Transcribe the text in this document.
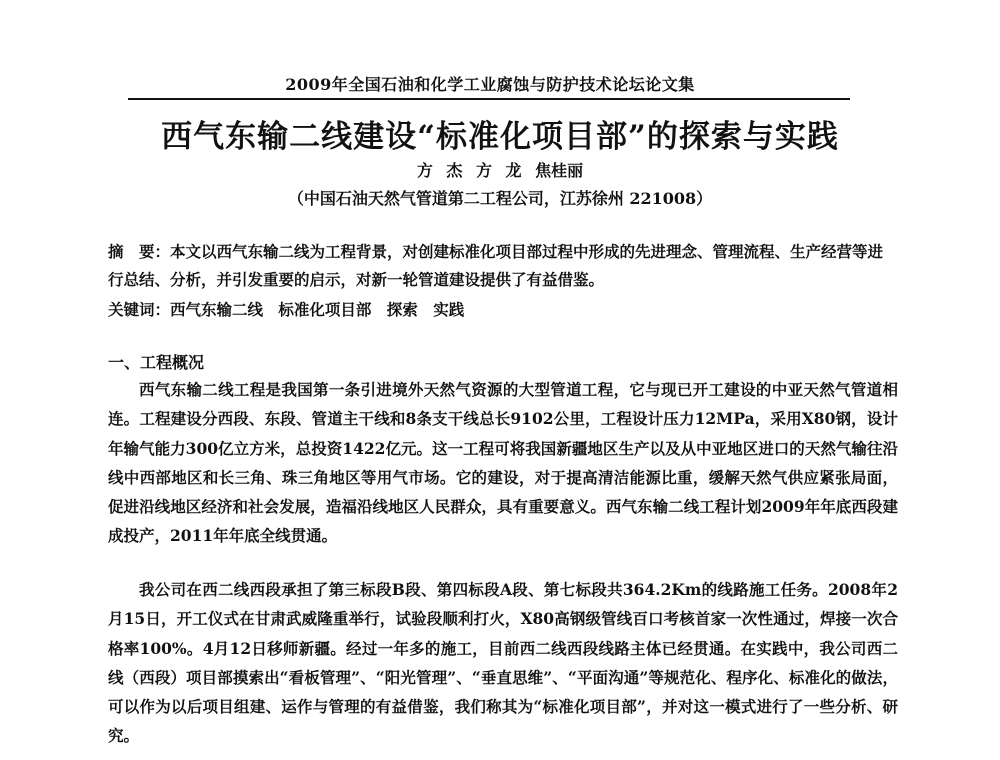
2009年全国石油和化学工业腐蚀与防护技术论坛论文集
西气东输二线建设“标准化项目部”的探索与实践
方 杰 方 龙 焦桂丽
（中国石油天然气管道第二工程公司，江苏徐州 221008）
摘　要：本文以西气东输二线为工程背景，对创建标准化项目部过程中形成的先进理念、管理流程、生产经营等进行总结、分析，并引发重要的启示，对新一轮管道建设提供了有益借鉴。
关键词：西气东输二线 标准化项目部 探索 实践
一、工程概况
西气东输二线工程是我国第一条引进境外天然气资源的大型管道工程，它与现已开工建设的中亚天然气管道相连。工程建设分西段、东段、管道主干线和8条支干线总长9102公里，工程设计压力12MPa，采用X80钢，设计年输气能力300亿立方米，总投资1422亿元。这一工程可将我国新疆地区生产以及从中亚地区进口的天然气输往沿线中西部地区和长三角、珠三角地区等用气市场。它的建设，对于提高清洁能源比重，缓解天然气供应紧张局面，促进沿线地区经济和社会发展，造福沿线地区人民群众，具有重要意义。西气东输二线工程计划2009年年底西段建成投产，2011年年底全线贯通。
我公司在西二线西段承担了第三标段B段、第四标段A段、第七标段共364.2Km的线路施工任务。2008年2月15日，开工仪式在甘肃武威隆重举行，试验段顺利打火，X80高钢级管线百口考核首家一次性通过，焊接一次合格率100%。4月12日移师新疆。经过一年多的施工，目前西二线西段线路主体已经贯通。在实践中，我公司西二线（西段）项目部摸索出“看板管理”、“阳光管理”、“垂直思维”、“平面沟通”等规范化、程序化、标准化的做法，可以作为以后项目组建、运作与管理的有益借鉴，我们称其为“标准化项目部”，并对这一模式进行了一些分析、研究。
